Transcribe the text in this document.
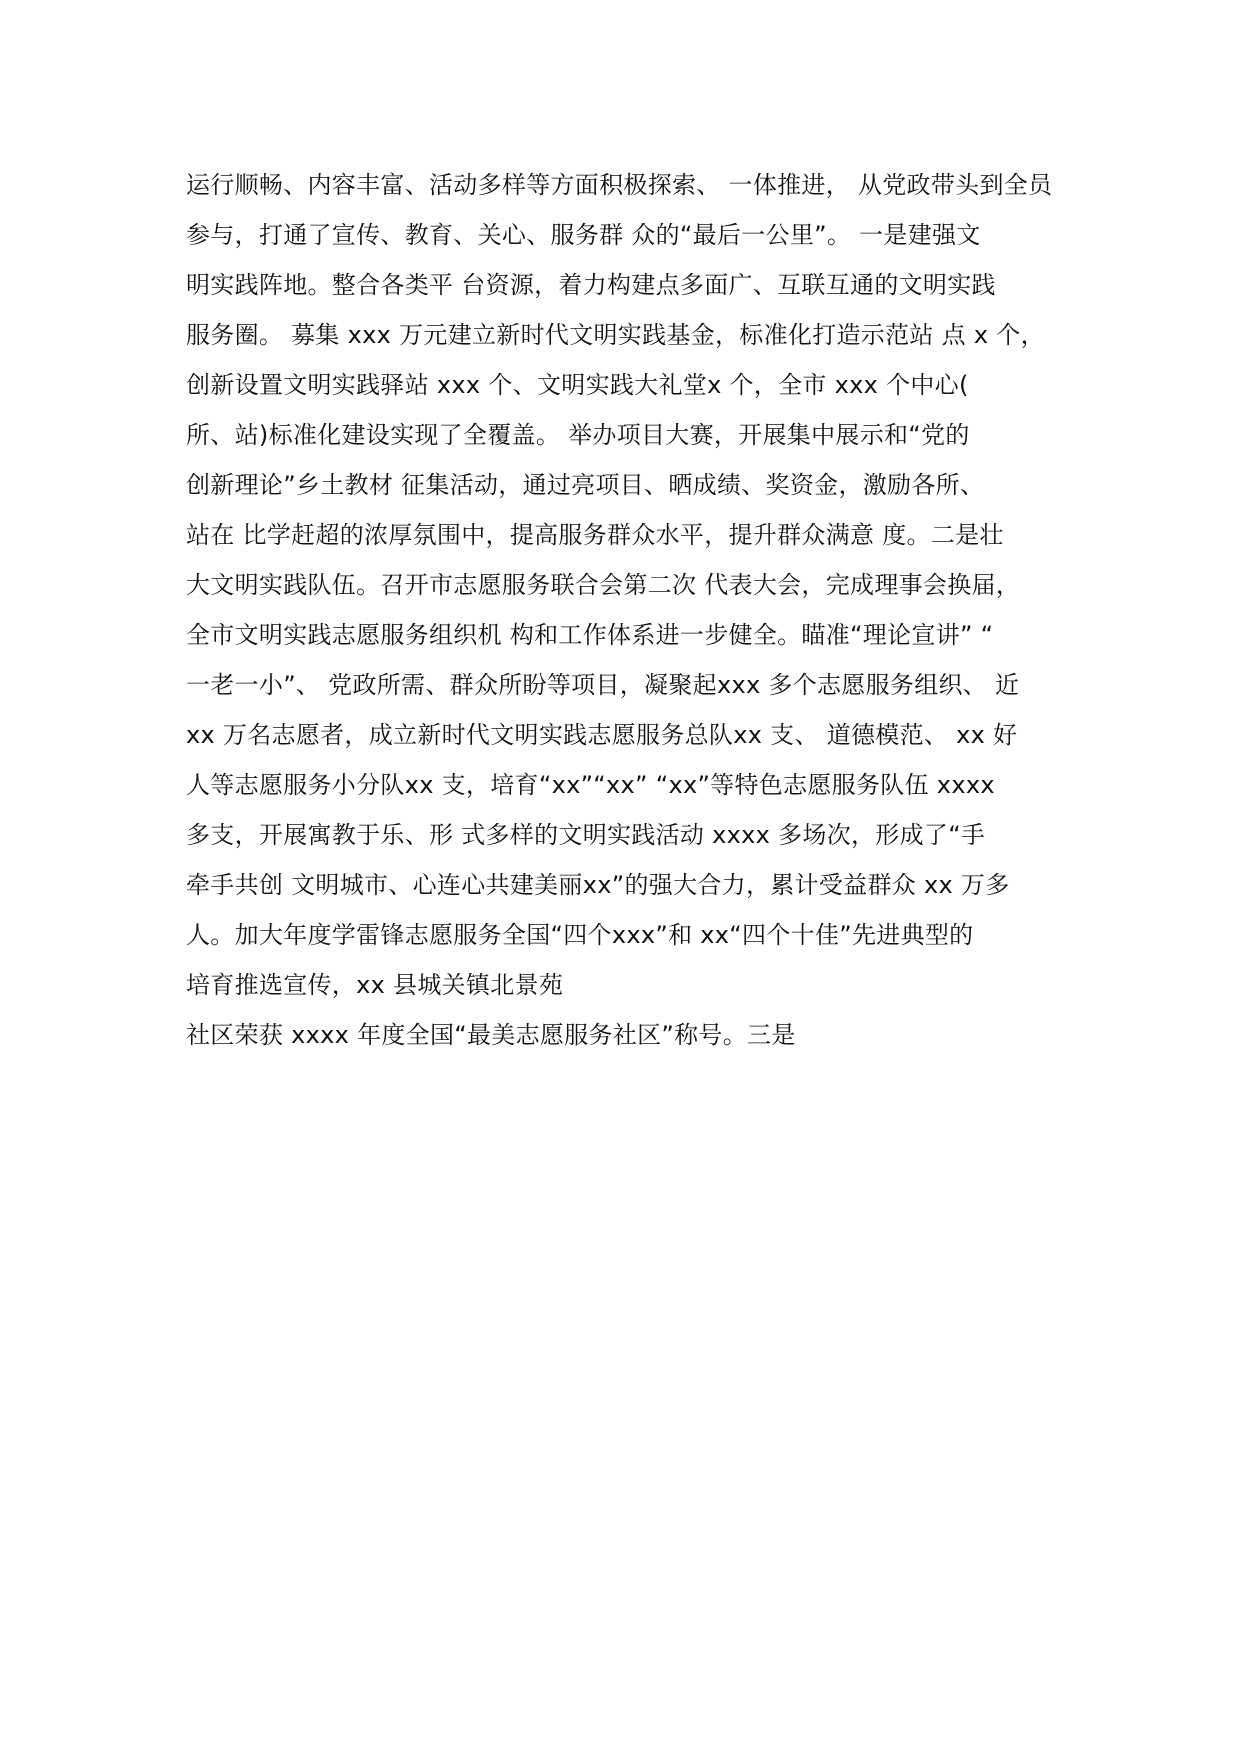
运行顺畅、内容丰富、活动多样等方面积极探索、 一体推进， 从党政带头到全员
参与，打通了宣传、教育、关心、服务群 众的“最后一公里”。 一是建强文
明实践阵地。整合各类平 台资源，着力构建点多面广、互联互通的文明实践
服务圈。 募集 xxx 万元建立新时代文明实践基金，标准化打造示范站 点 x 个，
创新设置文明实践驿站 xxx 个、文明实践大礼堂x 个，全市 xxx 个中心(
所、站)标准化建设实现了全覆盖。 举办项目大赛，开展集中展示和“党的
创新理论”乡土教材 征集活动，通过亮项目、晒成绩、奖资金，激励各所、
站在 比学赶超的浓厚氛围中，提高服务群众水平，提升群众满意 度。二是壮
大文明实践队伍。召开市志愿服务联合会第二次 代表大会，完成理事会换届，
全市文明实践志愿服务组织机 构和工作体系进一步健全。瞄准“理论宣讲” “
一老一小”、 党政所需、群众所盼等项目，凝聚起xxx 多个志愿服务组织、 近
xx 万名志愿者，成立新时代文明实践志愿服务总队xx 支、 道德模范、 xx 好
人等志愿服务小分队xx 支，培育“xx”“xx” “xx”等特色志愿服务队伍 xxxx
多支，开展寓教于乐、形 式多样的文明实践活动 xxxx 多场次，形成了“手
牵手共创 文明城市、心连心共建美丽xx”的强大合力，累计受益群众 xx 万多
人。加大年度学雷锋志愿服务全国“四个xxx”和 xx“四个十佳”先进典型的
培育推选宣传，xx 县城关镇北景苑
社区荣获 xxxx 年度全国“最美志愿服务社区”称号。三是
